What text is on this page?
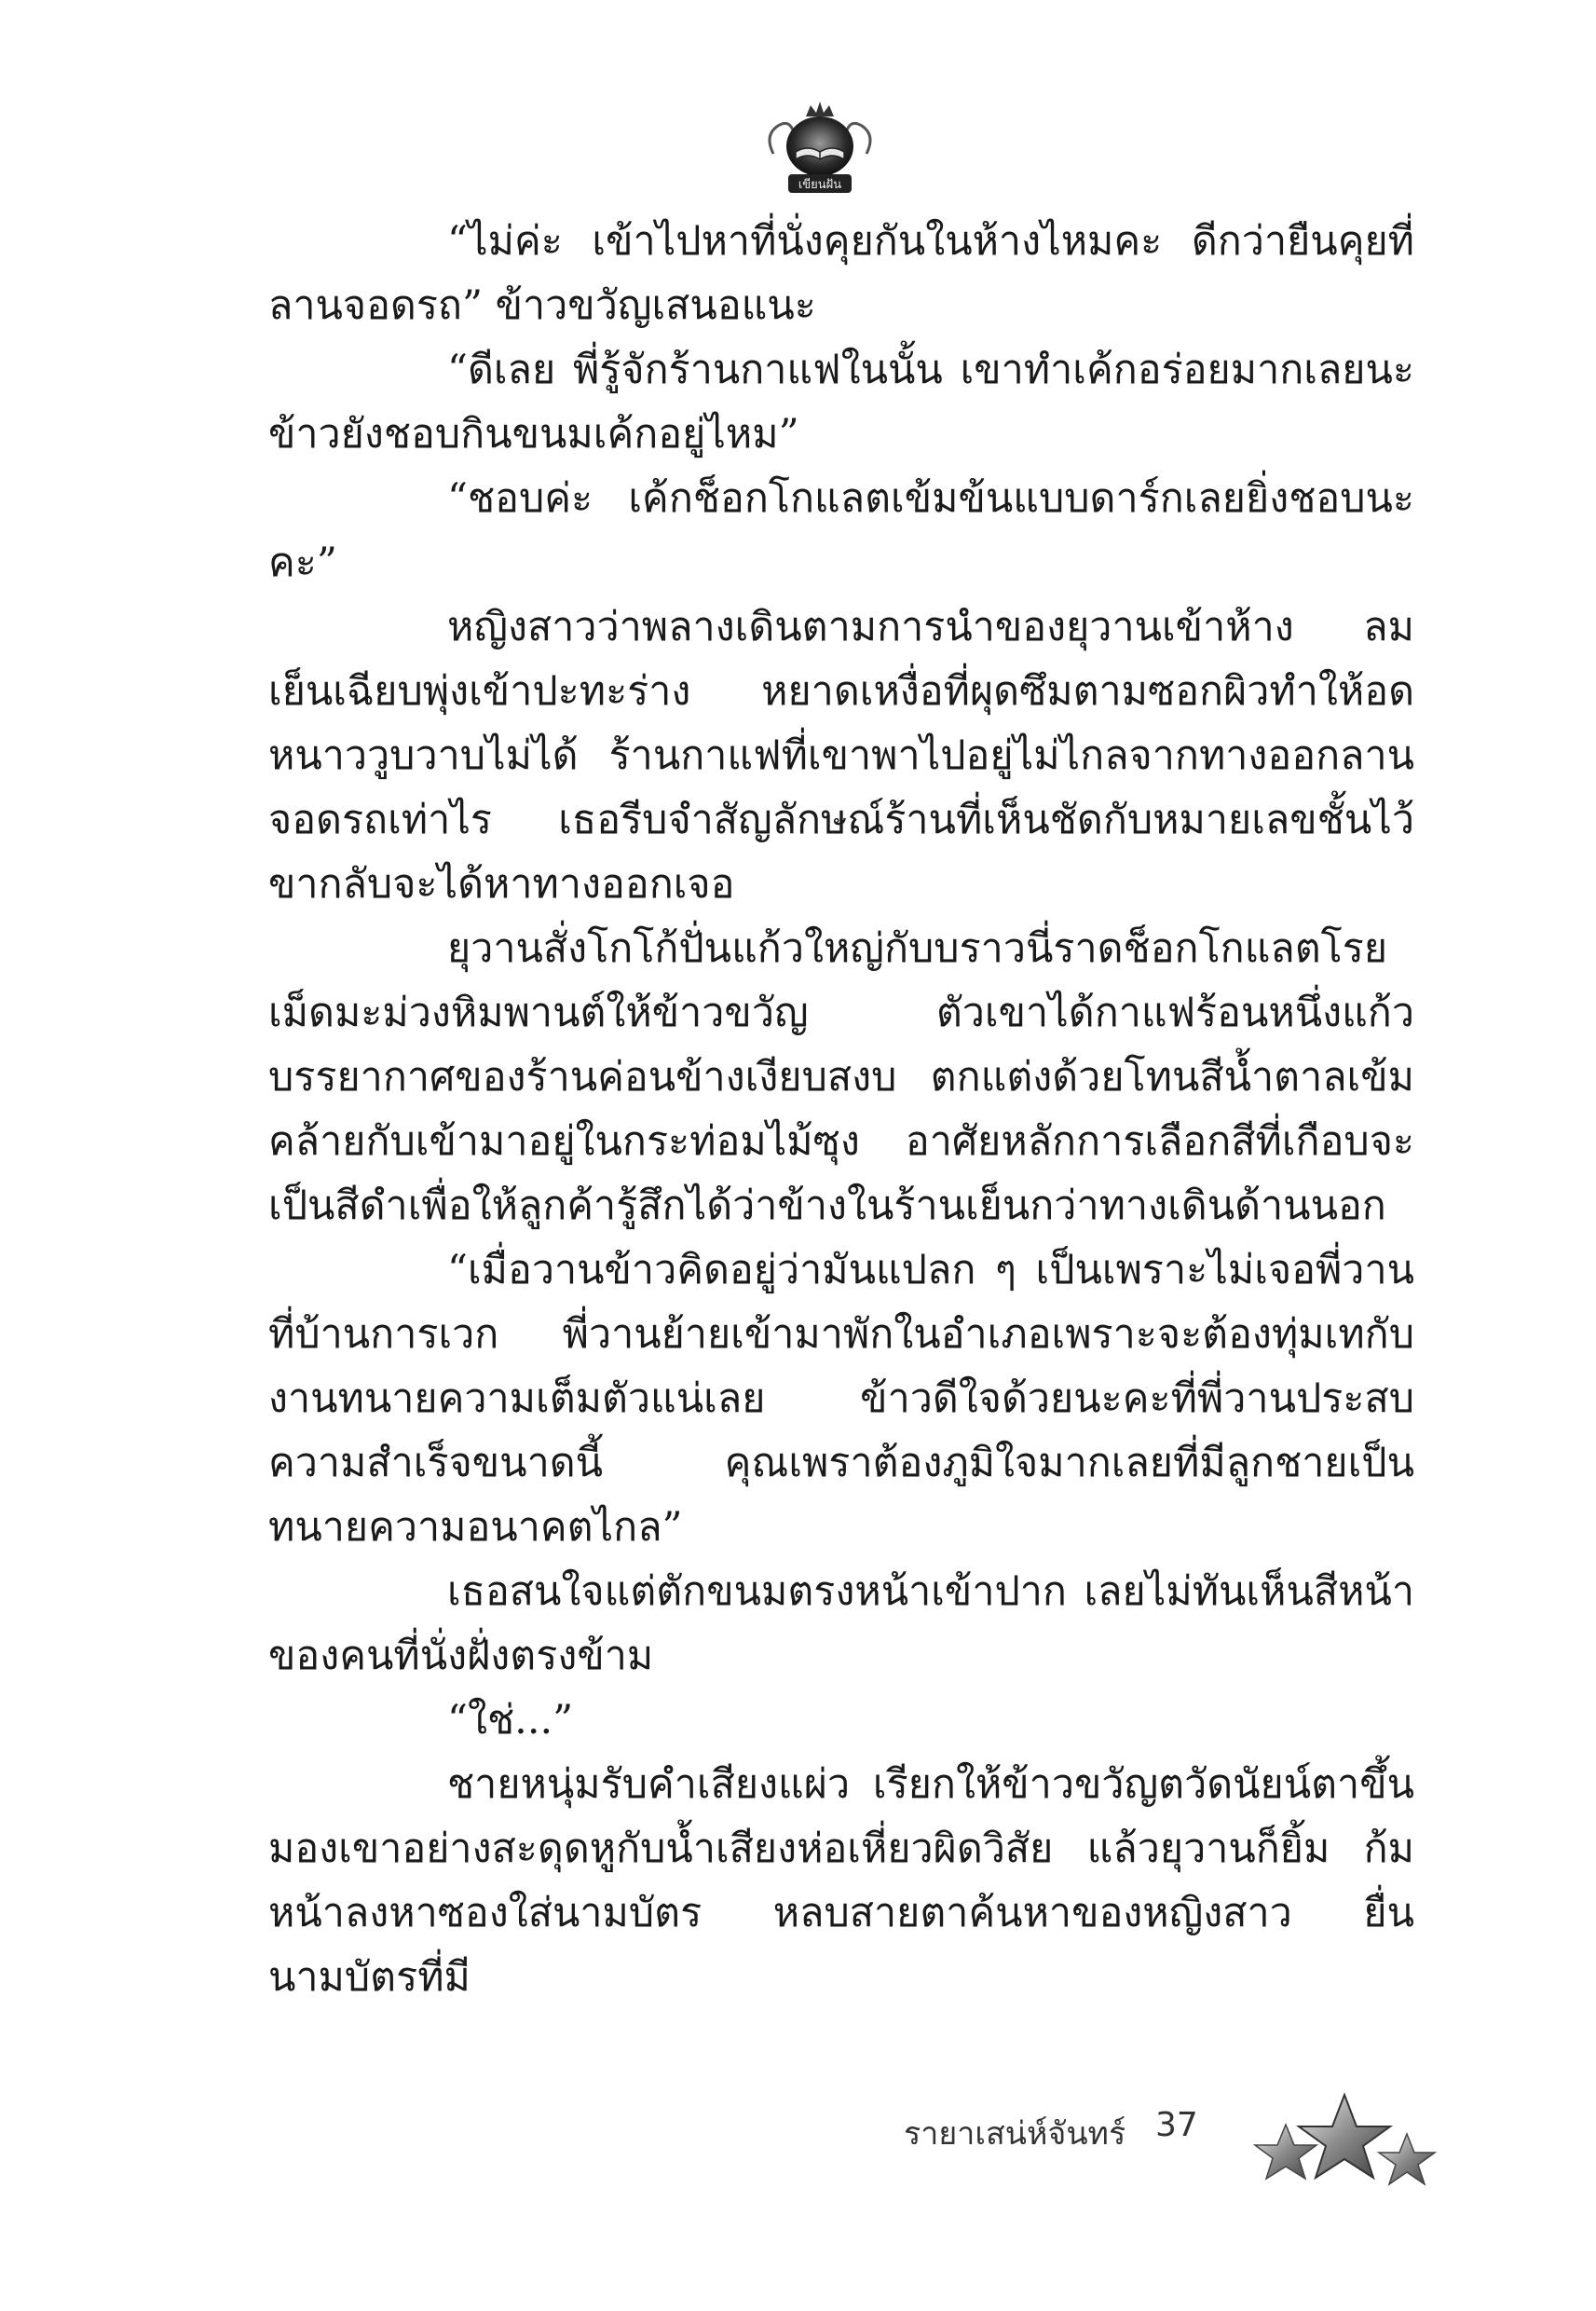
เขียนฝัน

“ไม่ค่ะ เข้าไปหาที่นั่งคุยกันในห้างไหมคะ ดีกว่ายืนคุยที่ลานจอดรถ” ข้าวขวัญเสนอแนะ

“ดีเลย พี่รู้จักร้านกาแฟในนั้น เขาทำเค้กอร่อยมากเลยนะ ข้าวยังชอบกินขนมเค้กอยู่ไหม”

“ชอบค่ะ เค้กช็อกโกแลตเข้มข้นแบบดาร์กเลยยิ่งชอบนะคะ”

หญิงสาวว่าพลางเดินตามการนำของยุวานเข้าห้าง ลมเย็นเฉียบพุ่งเข้าปะทะร่าง หยาดเหงื่อที่ผุดซึมตามซอกผิวทำให้อดหนาววูบวาบไม่ได้ ร้านกาแฟที่เขาพาไปอยู่ไม่ไกลจากทางออกลานจอดรถเท่าไร เธอรีบจำสัญลักษณ์ร้านที่เห็นชัดกับหมายเลขชั้นไว้ ขากลับจะได้หาทางออกเจอ

ยุวานสั่งโกโก้ปั่นแก้วใหญ่กับบราวนี่ราดช็อกโกแลตโรยเม็ดมะม่วงหิมพานต์ให้ข้าวขวัญ ตัวเขาได้กาแฟร้อนหนึ่งแก้ว บรรยากาศของร้านค่อนข้างเงียบสงบ ตกแต่งด้วยโทนสีน้ำตาลเข้มคล้ายกับเข้ามาอยู่ในกระท่อมไม้ซุง อาศัยหลักการเลือกสีที่เกือบจะเป็นสีดำเพื่อให้ลูกค้ารู้สึกได้ว่าข้างในร้านเย็นกว่าทางเดินด้านนอก

“เมื่อวานข้าวคิดอยู่ว่ามันแปลก ๆ เป็นเพราะไม่เจอพี่วานที่บ้านการเวก พี่วานย้ายเข้ามาพักในอำเภอเพราะจะต้องทุ่มเทกับงานทนายความเต็มตัวแน่เลย ข้าวดีใจด้วยนะคะที่พี่วานประสบความสำเร็จขนาดนี้ คุณเพราต้องภูมิใจมากเลยที่มีลูกชายเป็นทนายความอนาคตไกล”

เธอสนใจแต่ตักขนมตรงหน้าเข้าปาก เลยไม่ทันเห็นสีหน้าของคนที่นั่งฝั่งตรงข้าม

“ใช่...”

ชายหนุ่มรับคำเสียงแผ่ว เรียกให้ข้าวขวัญตวัดนัยน์ตาขึ้นมองเขาอย่างสะดุดหูกับน้ำเสียงห่อเหี่ยวผิดวิสัย แล้วยุวานก็ยิ้ม ก้มหน้าลงหาซองใส่นามบัตร หลบสายตาค้นหาของหญิงสาว ยื่นนามบัตรที่มี

รายาเสน่ห์จันทร์ 37
